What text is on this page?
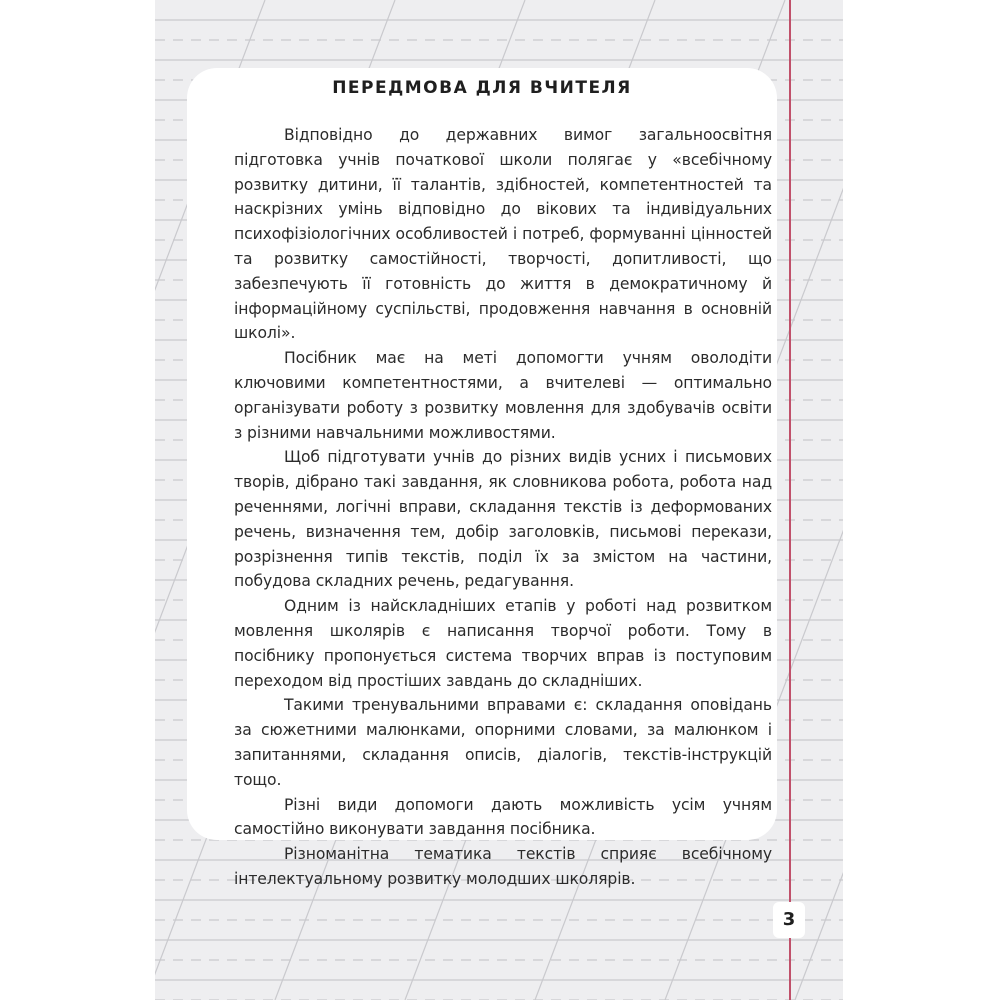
ПЕРЕДМОВА ДЛЯ ВЧИТЕЛЯ

Відповідно до державних вимог загальноосвітня підготовка учнів початкової школи полягає у «всебічному розвитку дитини, її талантів, здібностей, компетентностей та наскрізних умінь відповідно до вікових та індивідуальних психофізіологічних особливостей і потреб, формуванні цінностей та розвитку самостійності, творчості, допитливості, що забезпечують її готовність до життя в демократичному й інформаційному суспільстві, продовження навчання в основній школі».

Посібник має на меті допомогти учням оволодіти ключовими компетентностями, а вчителеві — оптимально організувати роботу з розвитку мовлення для здобувачів освіти з різними навчальними можливостями.

Щоб підготувати учнів до різних видів усних і письмових творів, дібрано такі завдання, як словникова робота, робота над реченнями, логічні вправи, складання текстів із деформованих речень, визначення тем, добір заголовків, письмові перекази, розрізнення типів текстів, поділ їх за змістом на частини, побудова складних речень, редагування.

Одним із найскладніших етапів у роботі над розвитком мовлення школярів є написання творчої роботи. Тому в посібнику пропонується система творчих вправ із поступовим переходом від простіших завдань до складніших.

Такими тренувальними вправами є: складання оповідань за сюжетними малюнками, опорними словами, за малюнком і запитаннями, складання описів, діалогів, текстів-інструкцій тощо.

Різні види допомоги дають можливість усім учням самостійно виконувати завдання посібника.

Різноманітна тематика текстів сприяє всебічному інтелектуальному розвитку молодших школярів.

3
